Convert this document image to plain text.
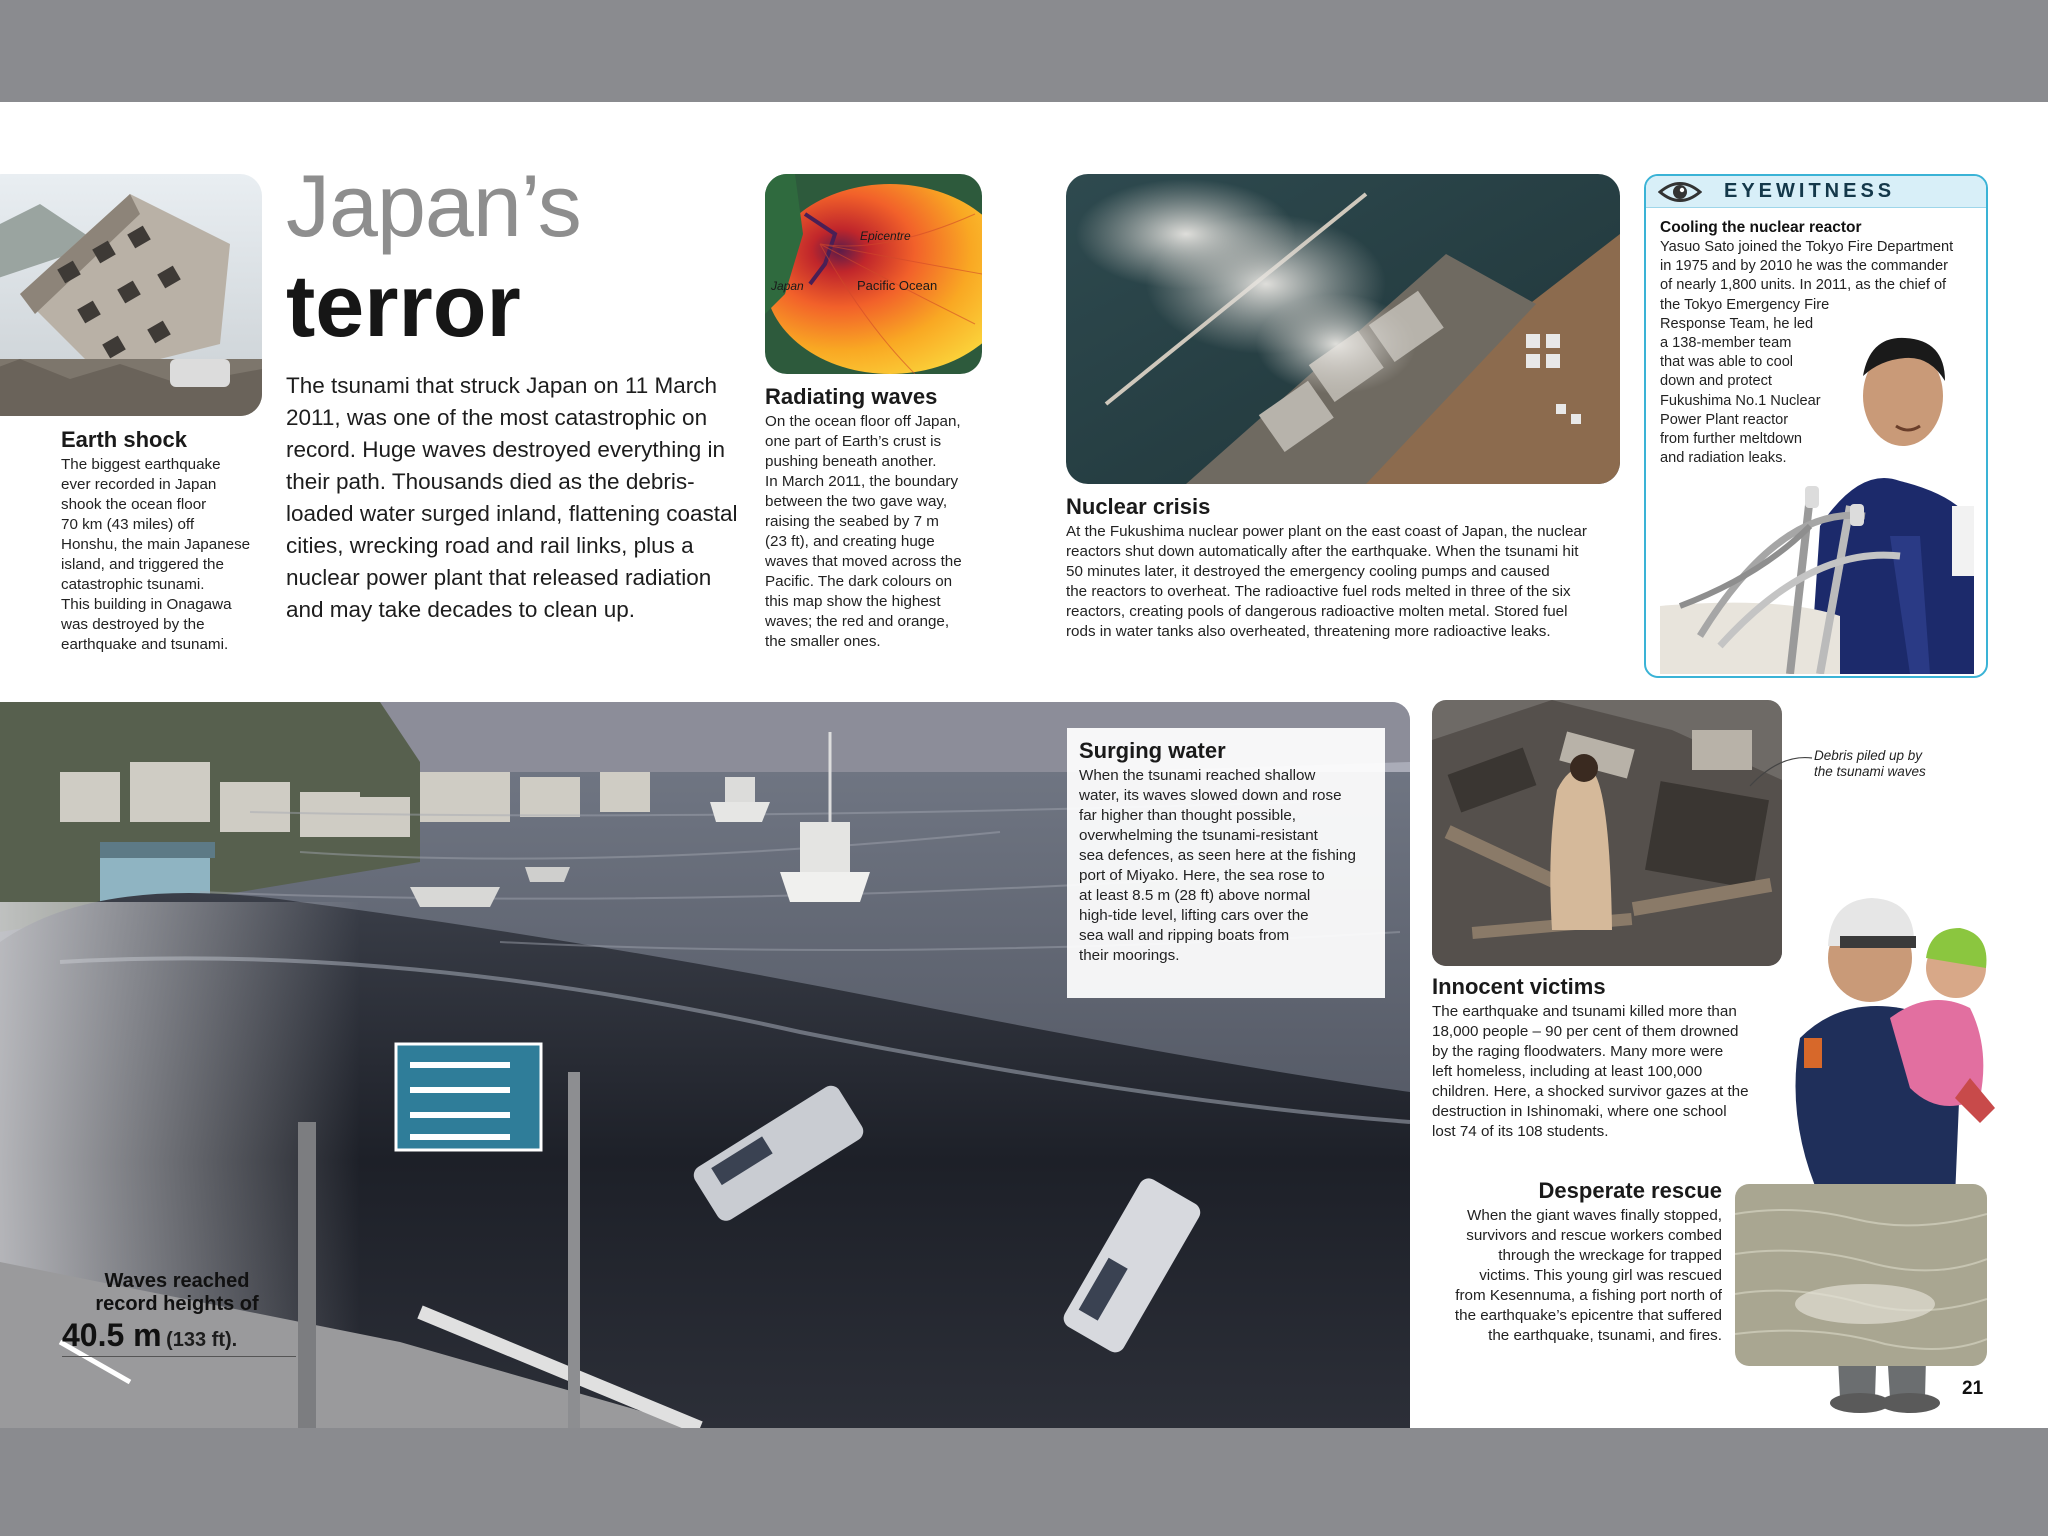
Japan’s
terror
The tsunami that struck Japan on 11 March 2011, was one of the most catastrophic on record. Huge waves destroyed everything in their path. Thousands died as the debris-loaded water surged inland, flattening coastal cities, wrecking road and rail links, plus a nuclear power plant that released radiation and may take decades to clean up.
Earth shock
The biggest earthquake
ever recorded in Japan
shook the ocean floor
70 km (43 miles) off
Honshu, the main Japanese
island, and triggered the
catastrophic tsunami.
This building in Onagawa
was destroyed by the
earthquake and tsunami.
Epicentre
Japan	Pacific Ocean
Radiating waves
On the ocean floor off Japan,
one part of Earth’s crust is
pushing beneath another.
In March 2011, the boundary
between the two gave way,
raising the seabed by 7 m
(23 ft), and creating huge
waves that moved across the
Pacific. The dark colours on
this map show the highest
waves; the red and orange,
the smaller ones.
Nuclear crisis
At the Fukushima nuclear power plant on the east coast of Japan, the nuclear
reactors shut down automatically after the earthquake. When the tsunami hit
50 minutes later, it destroyed the emergency cooling pumps and caused
the reactors to overheat. The radioactive fuel rods melted in three of the six
reactors, creating pools of dangerous radioactive molten metal. Stored fuel
rods in water tanks also overheated, threatening more radioactive leaks.
EYEWITNESS
Cooling the nuclear reactor
Yasuo Sato joined the Tokyo Fire Department
in 1975 and by 2010 he was the commander
of nearly 1,800 units. In 2011, as the chief of
the Tokyo Emergency Fire
Response Team, he led
a 138-member team
that was able to cool
down and protect
Fukushima No.1 Nuclear
Power Plant reactor
from further meltdown
and radiation leaks.
Surging water
When the tsunami reached shallow
water, its waves slowed down and rose
far higher than thought possible,
overwhelming the tsunami-resistant
sea defences, as seen here at the fishing
port of Miyako. Here, the sea rose to
at least 8.5 m (28 ft) above normal
high-tide level, lifting cars over the
sea wall and ripping boats from
their moorings.
Waves reached
record heights of
40.5 m (133 ft).
Debris piled up by
the tsunami waves
Innocent victims
The earthquake and tsunami killed more than
18,000 people – 90 per cent of them drowned
by the raging floodwaters. Many more were
left homeless, including at least 100,000
children. Here, a shocked survivor gazes at the
destruction in Ishinomaki, where one school
lost 74 of its 108 students.
Desperate rescue
When the giant waves finally stopped,
survivors and rescue workers combed
through the wreckage for trapped
victims. This young girl was rescued
from Kesennuma, a fishing port north of
the earthquake’s epicentre that suffered
the earthquake, tsunami, and fires.
21
